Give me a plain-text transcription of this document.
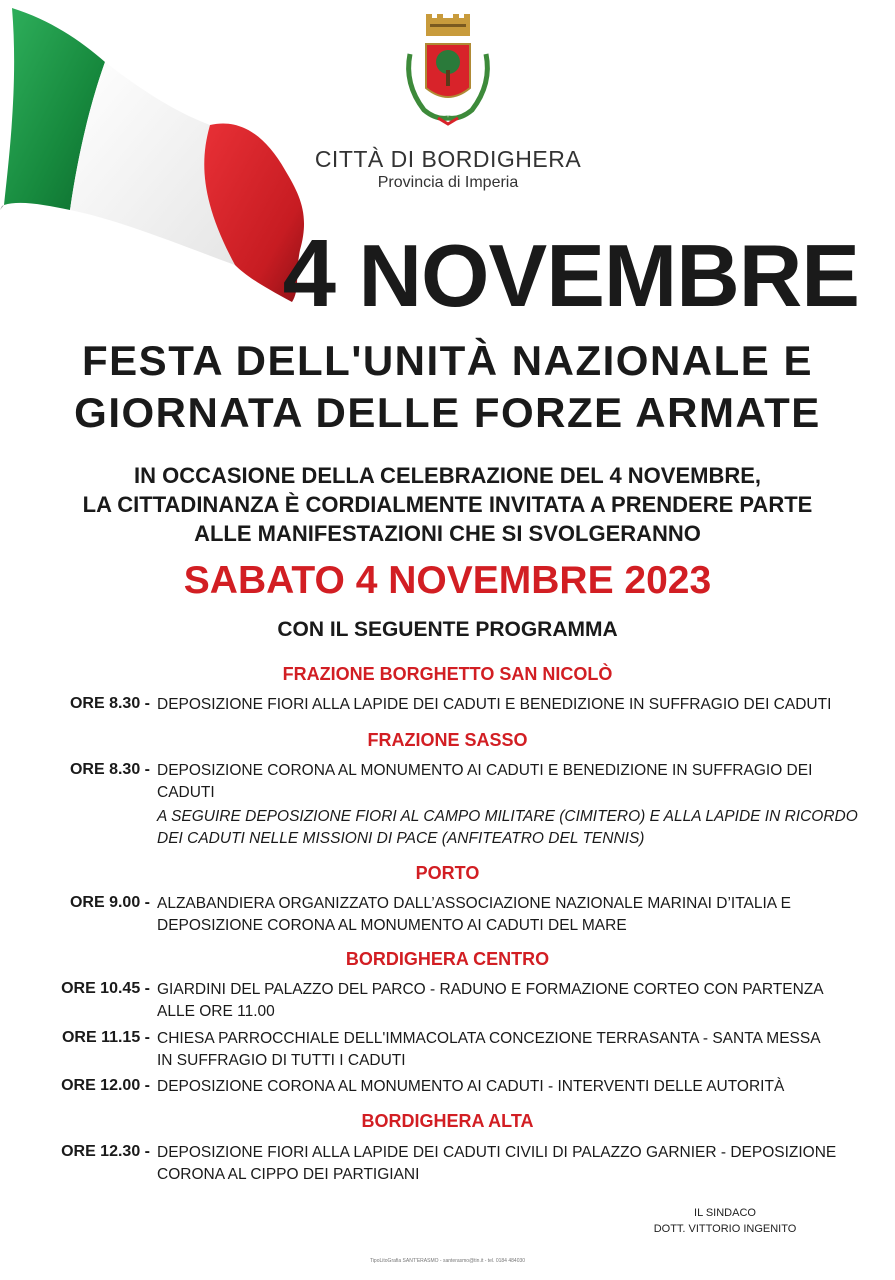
CITTÀ DI BORDIGHERA
Provincia di Imperia
4 NOVEMBRE
FESTA DELL'UNITÀ NAZIONALE E
GIORNATA DELLE FORZE ARMATE
IN OCCASIONE DELLA CELEBRAZIONE DEL 4 NOVEMBRE,
LA CITTADINANZA È CORDIALMENTE INVITATA A PRENDERE PARTE
ALLE MANIFESTAZIONI CHE SI SVOLGERANNO
SABATO 4 NOVEMBRE 2023
CON IL SEGUENTE PROGRAMMA
FRAZIONE BORGHETTO SAN NICOLÒ
ORE 8.30 - DEPOSIZIONE FIORI ALLA LAPIDE DEI CADUTI E BENEDIZIONE IN SUFFRAGIO DEI CADUTI
FRAZIONE SASSO
ORE 8.30 - DEPOSIZIONE CORONA AL MONUMENTO AI CADUTI E BENEDIZIONE IN SUFFRAGIO DEI
CADUTI
A SEGUIRE DEPOSIZIONE FIORI AL CAMPO MILITARE (CIMITERO) E ALLA LAPIDE IN RICORDO
DEI CADUTI NELLE MISSIONI DI PACE (ANFITEATRO DEL TENNIS)
PORTO
ORE 9.00 - ALZABANDIERA ORGANIZZATO DALL’ASSOCIAZIONE NAZIONALE MARINAI D’ITALIA E
DEPOSIZIONE CORONA AL MONUMENTO AI CADUTI DEL MARE
BORDIGHERA CENTRO
ORE 10.45 - GIARDINI DEL PALAZZO DEL PARCO - RADUNO E FORMAZIONE CORTEO CON PARTENZA
ALLE ORE 11.00
ORE 11.15 - CHIESA PARROCCHIALE DELL'IMMACOLATA CONCEZIONE TERRASANTA - SANTA MESSA
IN SUFFRAGIO DI TUTTI I CADUTI
ORE 12.00 - DEPOSIZIONE CORONA AL MONUMENTO AI CADUTI - INTERVENTI DELLE AUTORITÀ
BORDIGHERA ALTA
ORE 12.30 - DEPOSIZIONE FIORI ALLA LAPIDE DEI CADUTI CIVILI DI PALAZZO GARNIER - DEPOSIZIONE
CORONA AL CIPPO DEI PARTIGIANI
IL SINDACO
DOTT. VITTORIO INGENITO
TipoLitoGrafia SANT'ERASMO - santerasmo@tin.it - tel. 0184 484030
